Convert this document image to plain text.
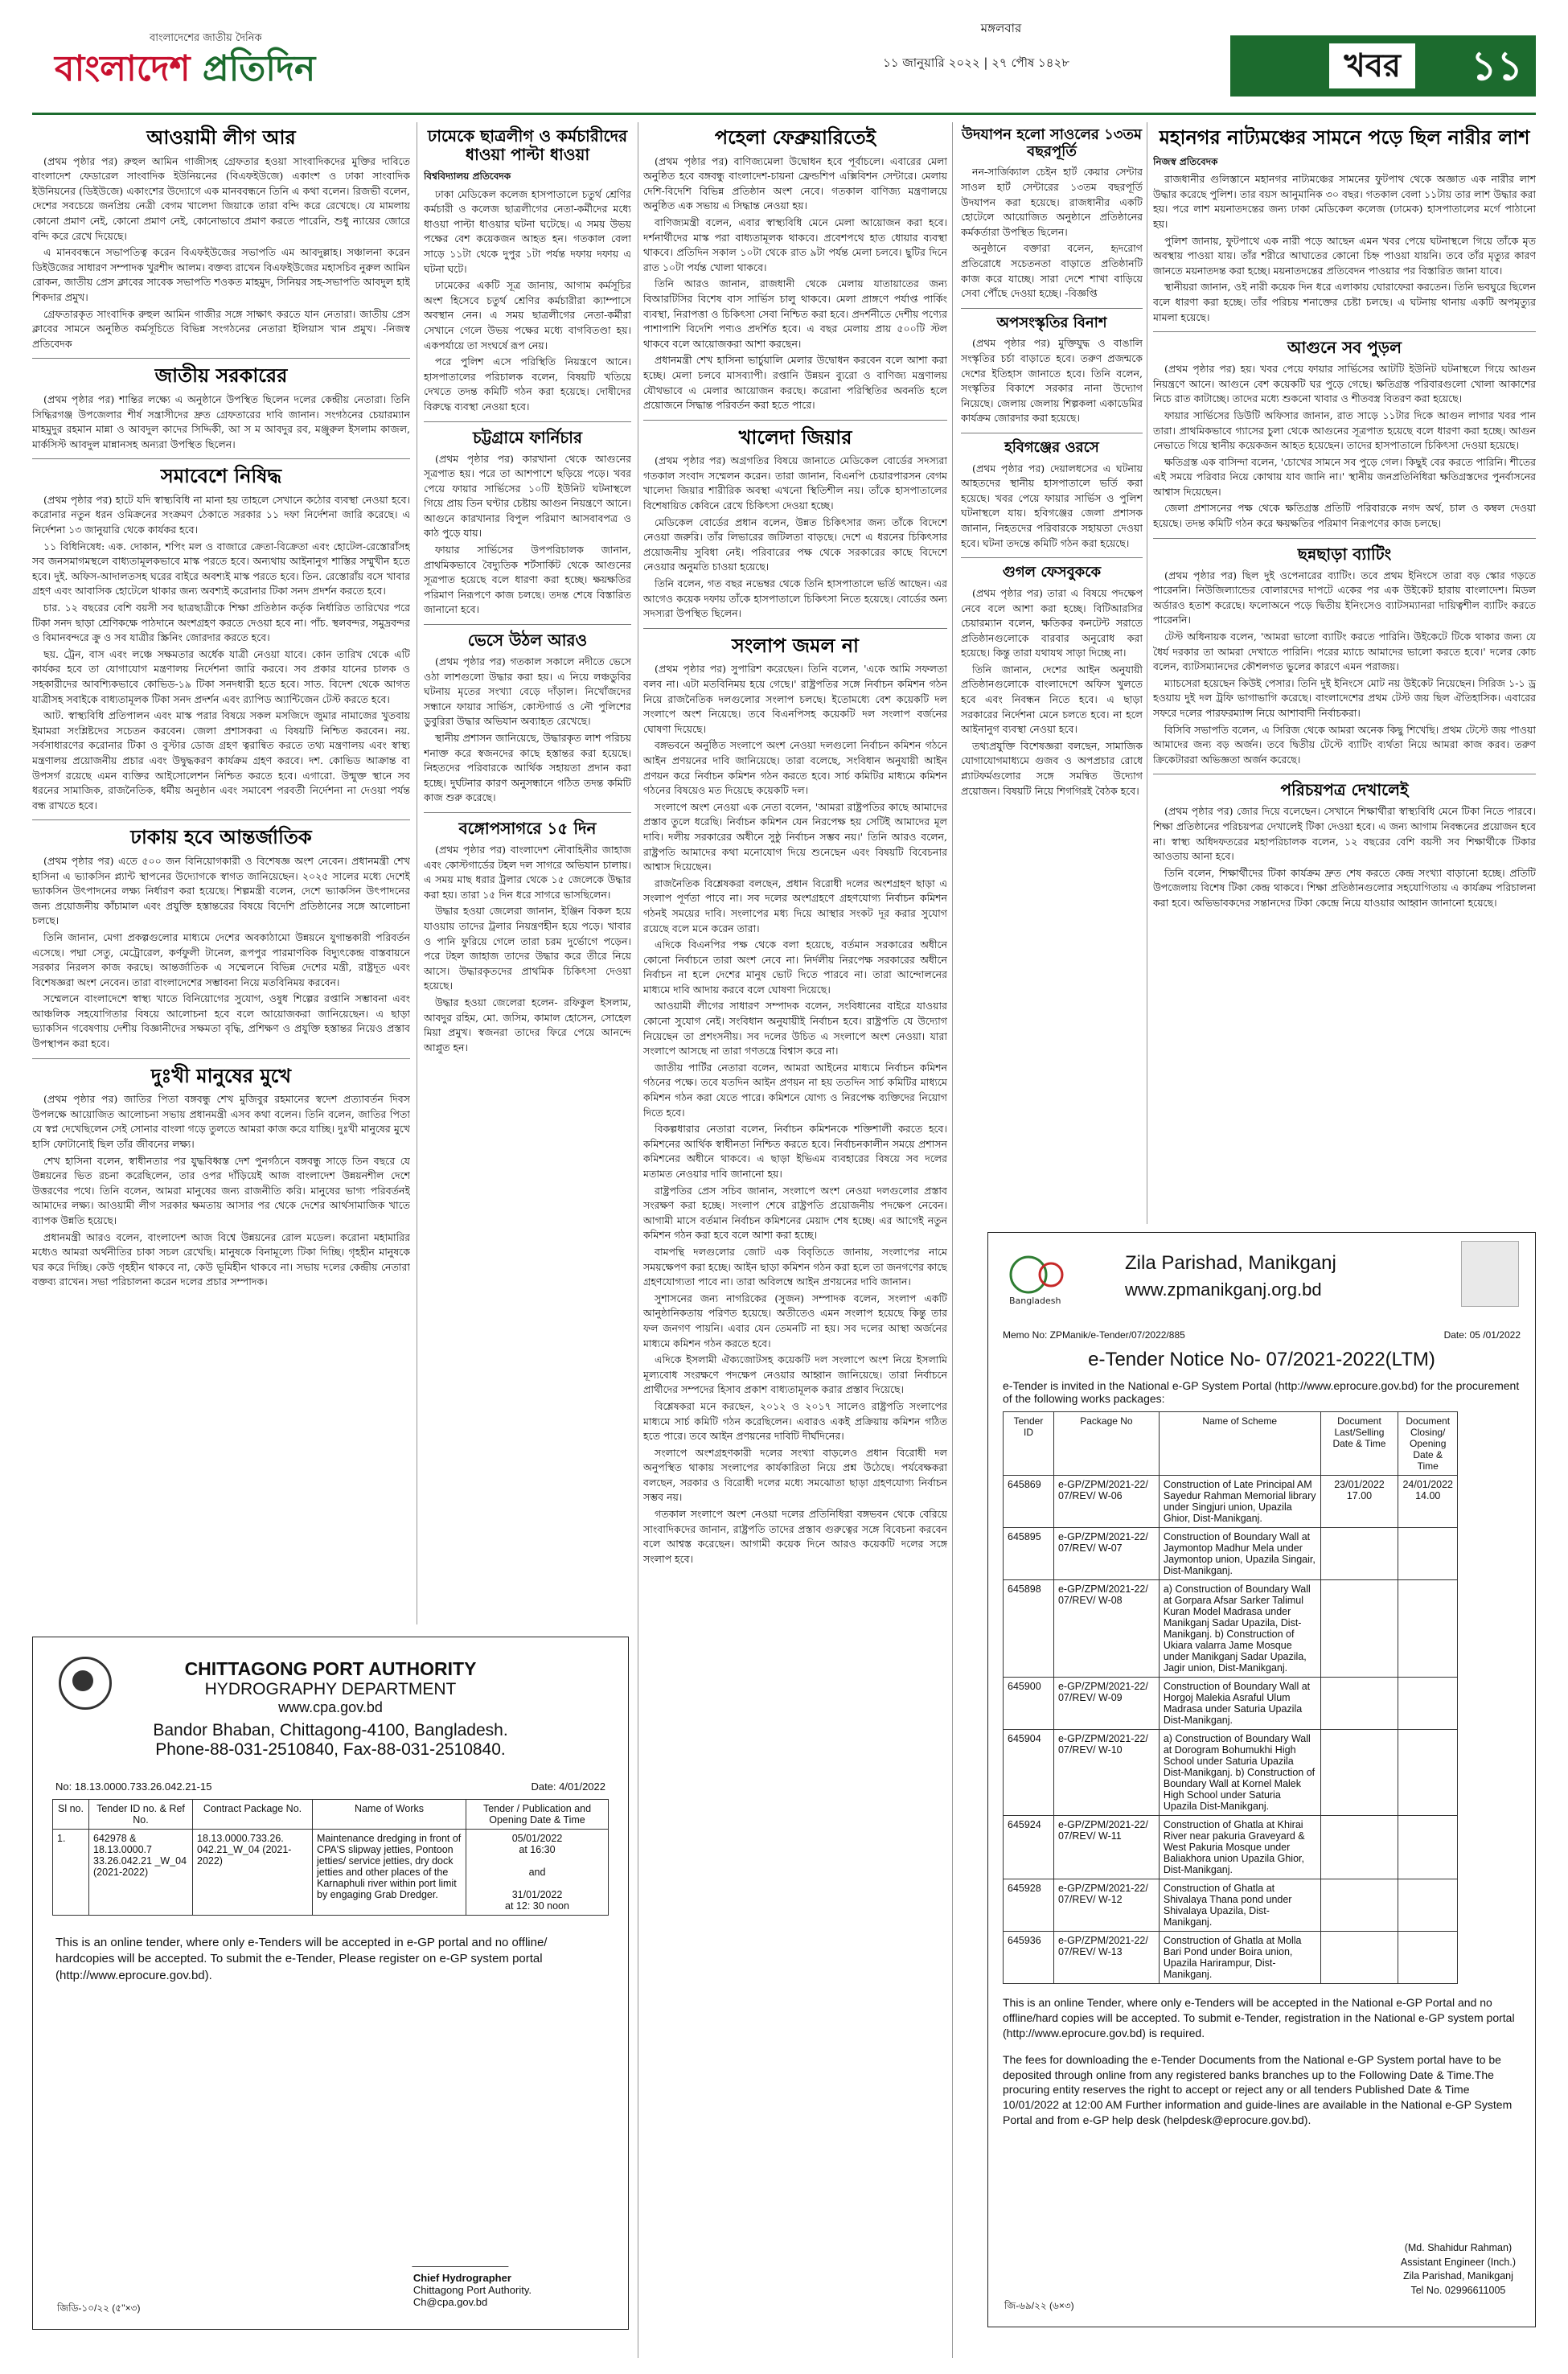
বাংলাদেশের জাতীয় দৈনিক
বাংলাদেশ প্রতিদিন
মঙ্গলবার
১১ জানুয়ারি ২০২২ | ২৭ পৌষ ১৪২৮	খবর	১১
আওয়ামী লীগ আর

(প্রথম পৃষ্ঠার পর) রুহুল আমিন গাজীসহ গ্রেফতার হওয়া সাংবাদিকদের মুক্তির দাবিতে বাংলাদেশ ফেডারেল সাংবাদিক ইউনিয়নের (বিএফইউজে) একাংশ ও ঢাকা সাংবাদিক ইউনিয়নের (ডিইউজে) একাংশের উদ্যোগে এক মানববন্ধনে তিনি এ কথা বলেন। রিজভী বলেন, দেশের সবচেয়ে জনপ্রিয় নেত্রী বেগম খালেদা জিয়াকে তারা বন্দি করে রেখেছে। যে মামলায় কোনো প্রমাণ নেই, কোনো প্রমাণ নেই, কোনোভাবে প্রমাণ করতে পারেনি, শুধু ন্যায়ের জোরে বন্দি করে রেখে দিয়েছে।

এ মানববন্ধনে সভাপতিত্ব করেন বিএফইউজের সভাপতি এম আবদুল্লাহ। সঞ্চালনা করেন ডিইউজের সাধারণ সম্পাদক খুরশীদ আলম। বক্তব্য রাখেন বিএফইউজের মহাসচিব নুরুল আমিন রোকন, জাতীয় প্রেস ক্লাবের সাবেক সভাপতি শওকত মাহমুদ, সিনিয়র সহ-সভাপতি আবদুল হাই শিকদার প্রমুখ।

গ্রেফতারকৃত সাংবাদিক রুহুল আমিন গাজীর সঙ্গে সাক্ষাৎ করতে যান নেতারা। জাতীয় প্রেস ক্লাবের সামনে অনুষ্ঠিত কর্মসূচিতে বিভিন্ন সংগঠনের নেতারা ইলিয়াস খান প্রমুখ। -নিজস্ব প্রতিবেদক

জাতীয় সরকারের

(প্রথম পৃষ্ঠার পর) শান্তির লক্ষ্যে এ অনুষ্ঠানে উপস্থিত ছিলেন দলের কেন্দ্রীয় নেতারা। তিনি সিদ্ধিরগঞ্জ উপজেলার শীর্ষ সন্ত্রাসীদের দ্রুত গ্রেফতারের দাবি জানান। সংগঠনের চেয়ারম্যান মাহমুদুর রহমান মান্না ও আবদুল কাদের সিদ্দিকী, আ স ম আবদুর রব, মঞ্জুরুল ইসলাম কাজল, মার্কসিস্ট আবদুল মান্নানসহ অন্যরা উপস্থিত ছিলেন।

সমাবেশে নিষিদ্ধ

(প্রথম পৃষ্ঠার পর) হাটে যদি স্বাস্থ্যবিধি না মানা হয় তাহলে সেখানে কঠোর ব্যবস্থা নেওয়া হবে। করোনার নতুন ধরন ওমিক্রনের সংক্রমণ ঠেকাতে সরকার ১১ দফা নির্দেশনা জারি করেছে। এ নির্দেশনা ১৩ জানুয়ারি থেকে কার্যকর হবে।

১১ বিধিনিষেধ: এক. দোকান, শপিং মল ও বাজারে ক্রেতা-বিক্রেতা এবং হোটেল-রেস্তোরাঁসহ সব জনসমাগমস্থলে বাধ্যতামূলকভাবে মাস্ক পরতে হবে। অন্যথায় আইনানুগ শাস্তির সম্মুখীন হতে হবে। দুই. অফিস-আদালতসহ ঘরের বাইরে অবশ্যই মাস্ক পরতে হবে। তিন. রেস্তোরাঁয় বসে খাবার গ্রহণ এবং আবাসিক হোটেলে থাকার জন্য অবশ্যই করোনার টিকা সনদ প্রদর্শন করতে হবে।

চার. ১২ বছরের বেশি বয়সী সব ছাত্রছাত্রীকে শিক্ষা প্রতিষ্ঠান কর্তৃক নির্ধারিত তারিখের পরে টিকা সনদ ছাড়া শ্রেণিকক্ষে পাঠদানে অংশগ্রহণ করতে দেওয়া হবে না। পাঁচ. স্থলবন্দর, সমুদ্রবন্দর ও বিমানবন্দরে ক্রু ও সব যাত্রীর স্ক্রিনিং জোরদার করতে হবে।

ছয়. ট্রেন, বাস এবং লঞ্চে সক্ষমতার অর্ধেক যাত্রী নেওয়া যাবে। কোন তারিখ থেকে এটি কার্যকর হবে তা যোগাযোগ মন্ত্রণালয় নির্দেশনা জারি করবে। সব প্রকার যানের চালক ও সহকারীদের আবশ্যিকভাবে কোভিড-১৯ টিকা সনদধারী হতে হবে। সাত. বিদেশ থেকে আগত যাত্রীসহ সবাইকে বাধ্যতামূলক টিকা সনদ প্রদর্শন এবং র‌্যাপিড অ্যান্টিজেন টেস্ট করতে হবে।

আট. স্বাস্থ্যবিধি প্রতিপালন এবং মাস্ক পরার বিষয়ে সকল মসজিদে জুমার নামাজের খুতবায় ইমামরা সংশ্লিষ্টদের সচেতন করবেন। জেলা প্রশাসকরা এ বিষয়টি নিশ্চিত করবেন। নয়. সর্বসাধারণের করোনার টিকা ও বুস্টার ডোজ গ্রহণ ত্বরান্বিত করতে তথ্য মন্ত্রণালয় এবং স্বাস্থ্য মন্ত্রণালয় প্রয়োজনীয় প্রচার এবং উদ্বুদ্ধকরণ কার্যক্রম গ্রহণ করবে। দশ. কোভিড আক্রান্ত বা উপসর্গ রয়েছে এমন ব্যক্তির আইসোলেশন নিশ্চিত করতে হবে। এগারো. উন্মুক্ত স্থানে সব ধরনের সামাজিক, রাজনৈতিক, ধর্মীয় অনুষ্ঠান এবং সমাবেশ পরবর্তী নির্দেশনা না দেওয়া পর্যন্ত বন্ধ রাখতে হবে।

ঢাকায় হবে আন্তর্জাতিক

(প্রথম পৃষ্ঠার পর) এতে ৫০০ জন বিনিয়োগকারী ও বিশেষজ্ঞ অংশ নেবেন। প্রধানমন্ত্রী শেখ হাসিনা এ ভ্যাকসিন প্ল্যান্ট স্থাপনের উদ্যোগকে স্বাগত জানিয়েছেন। ২০২৫ সালের মধ্যে দেশেই ভ্যাকসিন উৎপাদনের লক্ষ্য নির্ধারণ করা হয়েছে। শিল্পমন্ত্রী বলেন, দেশে ভ্যাকসিন উৎপাদনের জন্য প্রয়োজনীয় কাঁচামাল এবং প্রযুক্তি হস্তান্তরের বিষয়ে বিদেশি প্রতিষ্ঠানের সঙ্গে আলোচনা চলছে।

তিনি জানান, মেগা প্রকল্পগুলোর মাধ্যমে দেশের অবকাঠামো উন্নয়নে যুগান্তকারী পরিবর্তন এসেছে। পদ্মা সেতু, মেট্রোরেল, কর্ণফুলী টানেল, রূপপুর পারমাণবিক বিদ্যুৎকেন্দ্র বাস্তবায়নে সরকার নিরলস কাজ করছে। আন্তর্জাতিক এ সম্মেলনে বিভিন্ন দেশের মন্ত্রী, রাষ্ট্রদূত এবং বিশেষজ্ঞরা অংশ নেবেন। তারা বাংলাদেশের সম্ভাবনা নিয়ে মতবিনিময় করবেন।

সম্মেলনে বাংলাদেশে স্বাস্থ্য খাতে বিনিয়োগের সুযোগ, ওষুধ শিল্পের রপ্তানি সম্ভাবনা এবং আঞ্চলিক সহযোগিতার বিষয়ে আলোচনা হবে বলে আয়োজকরা জানিয়েছেন। এ ছাড়া ভ্যাকসিন গবেষণায় দেশীয় বিজ্ঞানীদের সক্ষমতা বৃদ্ধি, প্রশিক্ষণ ও প্রযুক্তি হস্তান্তর নিয়েও প্রস্তাব উপস্থাপন করা হবে।

দুঃখী মানুষের মুখে

(প্রথম পৃষ্ঠার পর) জাতির পিতা বঙ্গবন্ধু শেখ মুজিবুর রহমানের স্বদেশ প্রত্যাবর্তন দিবস উপলক্ষে আয়োজিত আলোচনা সভায় প্রধানমন্ত্রী এসব কথা বলেন। তিনি বলেন, জাতির পিতা যে স্বপ্ন দেখেছিলেন সেই সোনার বাংলা গড়ে তুলতে আমরা কাজ করে যাচ্ছি। দুঃখী মানুষের মুখে হাসি ফোটানোই ছিল তাঁর জীবনের লক্ষ্য।

শেখ হাসিনা বলেন, স্বাধীনতার পর যুদ্ধবিধ্বস্ত দেশ পুনর্গঠনে বঙ্গবন্ধু সাড়ে তিন বছরে যে উন্নয়নের ভিত রচনা করেছিলেন, তার ওপর দাঁড়িয়েই আজ বাংলাদেশ উন্নয়নশীল দেশে উত্তরণের পথে। তিনি বলেন, আমরা মানুষের জন্য রাজনীতি করি। মানুষের ভাগ্য পরিবর্তনই আমাদের লক্ষ্য। আওয়ামী লীগ সরকার ক্ষমতায় আসার পর থেকে দেশের আর্থসামাজিক খাতে ব্যাপক উন্নতি হয়েছে।

প্রধানমন্ত্রী আরও বলেন, বাংলাদেশ আজ বিশ্বে উন্নয়নের রোল মডেল। করোনা মহামারির মধ্যেও আমরা অর্থনীতির চাকা সচল রেখেছি। মানুষকে বিনামূল্যে টিকা দিচ্ছি। গৃহহীন মানুষকে ঘর করে দিচ্ছি। কেউ গৃহহীন থাকবে না, কেউ ভূমিহীন থাকবে না। সভায় দলের কেন্দ্রীয় নেতারা বক্তব্য রাখেন। সভা পরিচালনা করেন দলের প্রচার সম্পাদক।

ঢামেকে ছাত্রলীগ ও কর্মচারীদের ধাওয়া পাল্টা ধাওয়া
বিশ্ববিদ্যালয় প্রতিবেদক

ঢাকা মেডিকেল কলেজ হাসপাতালে চতুর্থ শ্রেণির কর্মচারী ও কলেজ ছাত্রলীগের নেতা-কর্মীদের মধ্যে ধাওয়া পাল্টা ধাওয়ার ঘটনা ঘটেছে। এ সময় উভয় পক্ষের বেশ কয়েকজন আহত হন। গতকাল বেলা সাড়ে ১১টা থেকে দুপুর ১টা পর্যন্ত দফায় দফায় এ ঘটনা ঘটে।

ঢামেকের একটি সূত্র জানায়, আগাম কর্মসূচির অংশ হিসেবে চতুর্থ শ্রেণির কর্মচারীরা ক্যাম্পাসে অবস্থান নেন। এ সময় ছাত্রলীগের নেতা-কর্মীরা সেখানে গেলে উভয় পক্ষের মধ্যে বাগবিতণ্ডা হয়। একপর্যায়ে তা সংঘর্ষে রূপ নেয়।

পরে পুলিশ এসে পরিস্থিতি নিয়ন্ত্রণে আনে। হাসপাতালের পরিচালক বলেন, বিষয়টি খতিয়ে দেখতে তদন্ত কমিটি গঠন করা হয়েছে। দোষীদের বিরুদ্ধে ব্যবস্থা নেওয়া হবে।

চট্টগ্রামে ফার্নিচার

(প্রথম পৃষ্ঠার পর) কারখানা থেকে আগুনের সূত্রপাত হয়। পরে তা আশপাশে ছড়িয়ে পড়ে। খবর পেয়ে ফায়ার সার্ভিসের ১০টি ইউনিট ঘটনাস্থলে গিয়ে প্রায় তিন ঘণ্টার চেষ্টায় আগুন নিয়ন্ত্রণে আনে। আগুনে কারখানার বিপুল পরিমাণ আসবাবপত্র ও কাঠ পুড়ে যায়।

ফায়ার সার্ভিসের উপপরিচালক জানান, প্রাথমিকভাবে বৈদ্যুতিক শর্টসার্কিট থেকে আগুনের সূত্রপাত হয়েছে বলে ধারণা করা হচ্ছে। ক্ষয়ক্ষতির পরিমাণ নিরূপণে কাজ চলছে। তদন্ত শেষে বিস্তারিত জানানো হবে।

ভেসে উঠল আরও

(প্রথম পৃষ্ঠার পর) গতকাল সকালে নদীতে ভেসে ওঠা লাশগুলো উদ্ধার করা হয়। এ নিয়ে লঞ্চডুবির ঘটনায় মৃতের সংখ্যা বেড়ে দাঁড়াল। নিখোঁজদের সন্ধানে ফায়ার সার্ভিস, কোস্টগার্ড ও নৌ পুলিশের ডুবুরিরা উদ্ধার অভিযান অব্যাহত রেখেছে।

স্থানীয় প্রশাসন জানিয়েছে, উদ্ধারকৃত লাশ পরিচয় শনাক্ত করে স্বজনদের কাছে হস্তান্তর করা হয়েছে। নিহতদের পরিবারকে আর্থিক সহায়তা প্রদান করা হচ্ছে। দুর্ঘটনার কারণ অনুসন্ধানে গঠিত তদন্ত কমিটি কাজ শুরু করেছে।

বঙ্গোপসাগরে ১৫ দিন

(প্রথম পৃষ্ঠার পর) বাংলাদেশ নৌবাহিনীর জাহাজ এবং কোস্টগার্ডের টহল দল সাগরে অভিযান চালায়। এ সময় মাছ ধরার ট্রলার থেকে ১৫ জেলেকে উদ্ধার করা হয়। তারা ১৫ দিন ধরে সাগরে ভাসছিলেন।

উদ্ধার হওয়া জেলেরা জানান, ইঞ্জিন বিকল হয়ে যাওয়ায় তাদের ট্রলার নিয়ন্ত্রণহীন হয়ে পড়ে। খাবার ও পানি ফুরিয়ে গেলে তারা চরম দুর্ভোগে পড়েন। পরে টহল জাহাজ তাদের উদ্ধার করে তীরে নিয়ে আসে। উদ্ধারকৃতদের প্রাথমিক চিকিৎসা দেওয়া হয়েছে।

উদ্ধার হওয়া জেলেরা হলেন- রফিকুল ইসলাম, আবদুর রহিম, মো. জসিম, কামাল হোসেন, সোহেল মিয়া প্রমুখ। স্বজনরা তাদের ফিরে পেয়ে আনন্দে আপ্লুত হন।

পহেলা ফেব্রুয়ারিতেই

(প্রথম পৃষ্ঠার পর) বাণিজ্যমেলা উদ্বোধন হবে পূর্বাচলে। এবারের মেলা অনুষ্ঠিত হবে বঙ্গবন্ধু বাংলাদেশ-চায়না ফ্রেন্ডশিপ এক্সিবিশন সেন্টারে। মেলায় দেশি-বিদেশি বিভিন্ন প্রতিষ্ঠান অংশ নেবে। গতকাল বাণিজ্য মন্ত্রণালয়ে অনুষ্ঠিত এক সভায় এ সিদ্ধান্ত নেওয়া হয়।

বাণিজ্যমন্ত্রী বলেন, এবার স্বাস্থ্যবিধি মেনে মেলা আয়োজন করা হবে। দর্শনার্থীদের মাস্ক পরা বাধ্যতামূলক থাকবে। প্রবেশপথে হাত ধোয়ার ব্যবস্থা থাকবে। প্রতিদিন সকাল ১০টা থেকে রাত ৯টা পর্যন্ত মেলা চলবে। ছুটির দিনে রাত ১০টা পর্যন্ত খোলা থাকবে।

তিনি আরও জানান, রাজধানী থেকে মেলায় যাতায়াতের জন্য বিআরটিসির বিশেষ বাস সার্ভিস চালু থাকবে। মেলা প্রাঙ্গণে পর্যাপ্ত পার্কিং ব্যবস্থা, নিরাপত্তা ও চিকিৎসা সেবা নিশ্চিত করা হবে। প্রদর্শনীতে দেশীয় পণ্যের পাশাপাশি বিদেশি পণ্যও প্রদর্শিত হবে। এ বছর মেলায় প্রায় ৫০০টি স্টল থাকবে বলে আয়োজকরা আশা করছেন।

প্রধানমন্ত্রী শেখ হাসিনা ভার্চুয়ালি মেলার উদ্বোধন করবেন বলে আশা করা হচ্ছে। মেলা চলবে মাসব্যাপী। রপ্তানি উন্নয়ন ব্যুরো ও বাণিজ্য মন্ত্রণালয় যৌথভাবে এ মেলার আয়োজন করছে। করোনা পরিস্থিতির অবনতি হলে প্রয়োজনে সিদ্ধান্ত পরিবর্তন করা হতে পারে।

খালেদা জিয়ার

(প্রথম পৃষ্ঠার পর) অগ্রগতির বিষয়ে জানাতে মেডিকেল বোর্ডের সদস্যরা গতকাল সংবাদ সম্মেলন করেন। তারা জানান, বিএনপি চেয়ারপারসন বেগম খালেদা জিয়ার শারীরিক অবস্থা এখনো স্থিতিশীল নয়। তাঁকে হাসপাতালের বিশেষায়িত কেবিনে রেখে চিকিৎসা দেওয়া হচ্ছে।

মেডিকেল বোর্ডের প্রধান বলেন, উন্নত চিকিৎসার জন্য তাঁকে বিদেশে নেওয়া জরুরি। তাঁর লিভারের জটিলতা বাড়ছে। দেশে এ ধরনের চিকিৎসার প্রয়োজনীয় সুবিধা নেই। পরিবারের পক্ষ থেকে সরকারের কাছে বিদেশে নেওয়ার অনুমতি চাওয়া হয়েছে।

তিনি বলেন, গত বছর নভেম্বর থেকে তিনি হাসপাতালে ভর্তি আছেন। এর আগেও কয়েক দফায় তাঁকে হাসপাতালে চিকিৎসা নিতে হয়েছে। বোর্ডের অন্য সদস্যরা উপস্থিত ছিলেন।

সংলাপ জমল না

(প্রথম পৃষ্ঠার পর) সুপারিশ করেছেন। তিনি বলেন, 'একে আমি সফলতা বলব না। এটা মতবিনিময় হয়ে গেছে।' রাষ্ট্রপতির সঙ্গে নির্বাচন কমিশন গঠন নিয়ে রাজনৈতিক দলগুলোর সংলাপ চলছে। ইতোমধ্যে বেশ কয়েকটি দল সংলাপে অংশ নিয়েছে। তবে বিএনপিসহ কয়েকটি দল সংলাপ বর্জনের ঘোষণা দিয়েছে।

বঙ্গভবনে অনুষ্ঠিত সংলাপে অংশ নেওয়া দলগুলো নির্বাচন কমিশন গঠনে আইন প্রণয়নের দাবি জানিয়েছে। তারা বলেছে, সংবিধান অনুযায়ী আইন প্রণয়ন করে নির্বাচন কমিশন গঠন করতে হবে। সার্চ কমিটির মাধ্যমে কমিশন গঠনের বিষয়েও মত দিয়েছে কয়েকটি দল।

সংলাপে অংশ নেওয়া এক নেতা বলেন, 'আমরা রাষ্ট্রপতির কাছে আমাদের প্রস্তাব তুলে ধরেছি। নির্বাচন কমিশন যেন নিরপেক্ষ হয় সেটিই আমাদের মূল দাবি। দলীয় সরকারের অধীনে সুষ্ঠু নির্বাচন সম্ভব নয়।' তিনি আরও বলেন, রাষ্ট্রপতি আমাদের কথা মনোযোগ দিয়ে শুনেছেন এবং বিষয়টি বিবেচনার আশ্বাস দিয়েছেন।

রাজনৈতিক বিশ্লেষকরা বলছেন, প্রধান বিরোধী দলের অংশগ্রহণ ছাড়া এ সংলাপ পূর্ণতা পাবে না। সব দলের অংশগ্রহণে গ্রহণযোগ্য নির্বাচন কমিশন গঠনই সময়ের দাবি। সংলাপের মধ্য দিয়ে আস্থার সংকট দূর করার সুযোগ রয়েছে বলে মনে করেন তারা।

এদিকে বিএনপির পক্ষ থেকে বলা হয়েছে, বর্তমান সরকারের অধীনে কোনো নির্বাচনে তারা অংশ নেবে না। নির্দলীয় নিরপেক্ষ সরকারের অধীনে নির্বাচন না হলে দেশের মানুষ ভোট দিতে পারবে না। তারা আন্দোলনের মাধ্যমে দাবি আদায় করবে বলে ঘোষণা দিয়েছে।

আওয়ামী লীগের সাধারণ সম্পাদক বলেন, সংবিধানের বাইরে যাওয়ার কোনো সুযোগ নেই। সংবিধান অনুযায়ীই নির্বাচন হবে। রাষ্ট্রপতি যে উদ্যোগ নিয়েছেন তা প্রশংসনীয়। সব দলের উচিত এ সংলাপে অংশ নেওয়া। যারা সংলাপে আসছে না তারা গণতন্ত্রে বিশ্বাস করে না।

জাতীয় পার্টির নেতারা বলেন, আমরা আইনের মাধ্যমে নির্বাচন কমিশন গঠনের পক্ষে। তবে যতদিন আইন প্রণয়ন না হয় ততদিন সার্চ কমিটির মাধ্যমে কমিশন গঠন করা যেতে পারে। কমিশনে যোগ্য ও নিরপেক্ষ ব্যক্তিদের নিয়োগ দিতে হবে।

বিকল্পধারার নেতারা বলেন, নির্বাচন কমিশনকে শক্তিশালী করতে হবে। কমিশনের আর্থিক স্বাধীনতা নিশ্চিত করতে হবে। নির্বাচনকালীন সময়ে প্রশাসন কমিশনের অধীনে থাকবে। এ ছাড়া ইভিএম ব্যবহারের বিষয়ে সব দলের মতামত নেওয়ার দাবি জানানো হয়।

রাষ্ট্রপতির প্রেস সচিব জানান, সংলাপে অংশ নেওয়া দলগুলোর প্রস্তাব সংরক্ষণ করা হচ্ছে। সংলাপ শেষে রাষ্ট্রপতি প্রয়োজনীয় পদক্ষেপ নেবেন। আগামী মাসে বর্তমান নির্বাচন কমিশনের মেয়াদ শেষ হচ্ছে। এর আগেই নতুন কমিশন গঠন করা হবে বলে আশা করা হচ্ছে।

বামপন্থি দলগুলোর জোট এক বিবৃতিতে জানায়, সংলাপের নামে সময়ক্ষেপণ করা হচ্ছে। আইন ছাড়া কমিশন গঠন করা হলে তা জনগণের কাছে গ্রহণযোগ্যতা পাবে না। তারা অবিলম্বে আইন প্রণয়নের দাবি জানান।

সুশাসনের জন্য নাগরিকের (সুজন) সম্পাদক বলেন, সংলাপ একটি আনুষ্ঠানিকতায় পরিণত হয়েছে। অতীতেও এমন সংলাপ হয়েছে কিন্তু তার ফল জনগণ পায়নি। এবার যেন তেমনটি না হয়। সব দলের আস্থা অর্জনের মাধ্যমে কমিশন গঠন করতে হবে।

এদিকে ইসলামী ঐক্যজোটসহ কয়েকটি দল সংলাপে অংশ নিয়ে ইসলামি মূল্যবোধ সংরক্ষণে পদক্ষেপ নেওয়ার আহ্বান জানিয়েছে। তারা নির্বাচনে প্রার্থীদের সম্পদের হিসাব প্রকাশ বাধ্যতামূলক করার প্রস্তাব দিয়েছে।

বিশ্লেষকরা মনে করছেন, ২০১২ ও ২০১৭ সালেও রাষ্ট্রপতি সংলাপের মাধ্যমে সার্চ কমিটি গঠন করেছিলেন। এবারও একই প্রক্রিয়ায় কমিশন গঠিত হতে পারে। তবে আইন প্রণয়নের দাবিটি দীর্ঘদিনের।

সংলাপে অংশগ্রহণকারী দলের সংখ্যা বাড়লেও প্রধান বিরোধী দল অনুপস্থিত থাকায় সংলাপের কার্যকারিতা নিয়ে প্রশ্ন উঠেছে। পর্যবেক্ষকরা বলছেন, সরকার ও বিরোধী দলের মধ্যে সমঝোতা ছাড়া গ্রহণযোগ্য নির্বাচন সম্ভব নয়।

গতকাল সংলাপে অংশ নেওয়া দলের প্রতিনিধিরা বঙ্গভবন থেকে বেরিয়ে সাংবাদিকদের জানান, রাষ্ট্রপতি তাদের প্রস্তাব গুরুত্বের সঙ্গে বিবেচনা করবেন বলে আশ্বস্ত করেছেন। আগামী কয়েক দিনে আরও কয়েকটি দলের সঙ্গে সংলাপ হবে।

উদযাপন হলো সাওলের ১৩তম বছরপূর্তি

নন-সার্জিক্যাল চেইন হার্ট কেয়ার সেন্টার সাওল হার্ট সেন্টারের ১৩তম বছরপূর্তি উদযাপন করা হয়েছে। রাজধানীর একটি হোটেলে আয়োজিত অনুষ্ঠানে প্রতিষ্ঠানের কর্মকর্তারা উপস্থিত ছিলেন।

অনুষ্ঠানে বক্তারা বলেন, হৃদরোগ প্রতিরোধে সচেতনতা বাড়াতে প্রতিষ্ঠানটি কাজ করে যাচ্ছে। সারা দেশে শাখা বাড়িয়ে সেবা পৌঁছে দেওয়া হচ্ছে। -বিজ্ঞপ্তি

অপসংস্কৃতির বিনাশ

(প্রথম পৃষ্ঠার পর) মুক্তিযুদ্ধ ও বাঙালি সংস্কৃতির চর্চা বাড়াতে হবে। তরুণ প্রজন্মকে দেশের ইতিহাস জানাতে হবে। তিনি বলেন, সংস্কৃতির বিকাশে সরকার নানা উদ্যোগ নিয়েছে। জেলায় জেলায় শিল্পকলা একাডেমির কার্যক্রম জোরদার করা হয়েছে।

হবিগঞ্জের ওরসে

(প্রথম পৃষ্ঠার পর) দেয়ালধসের এ ঘটনায় আহতদের স্থানীয় হাসপাতালে ভর্তি করা হয়েছে। খবর পেয়ে ফায়ার সার্ভিস ও পুলিশ ঘটনাস্থলে যায়। হবিগঞ্জের জেলা প্রশাসক জানান, নিহতদের পরিবারকে সহায়তা দেওয়া হবে। ঘটনা তদন্তে কমিটি গঠন করা হয়েছে।

গুগল ফেসবুককে

(প্রথম পৃষ্ঠার পর) তারা এ বিষয়ে পদক্ষেপ নেবে বলে আশা করা হচ্ছে। বিটিআরসির চেয়ারম্যান বলেন, ক্ষতিকর কনটেন্ট সরাতে প্রতিষ্ঠানগুলোকে বারবার অনুরোধ করা হয়েছে। কিন্তু তারা যথাযথ সাড়া দিচ্ছে না।

তিনি জানান, দেশের আইন অনুযায়ী প্রতিষ্ঠানগুলোকে বাংলাদেশে অফিস খুলতে হবে এবং নিবন্ধন নিতে হবে। এ ছাড়া সরকারের নির্দেশনা মেনে চলতে হবে। না হলে আইনানুগ ব্যবস্থা নেওয়া হবে।

তথ্যপ্রযুক্তি বিশেষজ্ঞরা বলছেন, সামাজিক যোগাযোগমাধ্যমে গুজব ও অপপ্রচার রোধে প্ল্যাটফর্মগুলোর সঙ্গে সমন্বিত উদ্যোগ প্রয়োজন। বিষয়টি নিয়ে শিগগিরই বৈঠক হবে।

মহানগর নাট্যমঞ্চের সামনে পড়ে ছিল নারীর লাশ
নিজস্ব প্রতিবেদক

রাজধানীর গুলিস্তানে মহানগর নাট্যমঞ্চের সামনের ফুটপাথ থেকে অজ্ঞাত এক নারীর লাশ উদ্ধার করেছে পুলিশ। তার বয়স আনুমানিক ৩০ বছর। গতকাল বেলা ১১টায় তার লাশ উদ্ধার করা হয়। পরে লাশ ময়নাতদন্তের জন্য ঢাকা মেডিকেল কলেজ (ঢামেক) হাসপাতালের মর্গে পাঠানো হয়।

পুলিশ জানায়, ফুটপাথে এক নারী পড়ে আছেন এমন খবর পেয়ে ঘটনাস্থলে গিয়ে তাঁকে মৃত অবস্থায় পাওয়া যায়। তাঁর শরীরে আঘাতের কোনো চিহ্ন পাওয়া যায়নি। তবে তাঁর মৃত্যুর কারণ জানতে ময়নাতদন্ত করা হচ্ছে। ময়নাতদন্তের প্রতিবেদন পাওয়ার পর বিস্তারিত জানা যাবে।

স্থানীয়রা জানান, ওই নারী কয়েক দিন ধরে এলাকায় ঘোরাফেরা করতেন। তিনি ভবঘুরে ছিলেন বলে ধারণা করা হচ্ছে। তাঁর পরিচয় শনাক্তের চেষ্টা চলছে। এ ঘটনায় থানায় একটি অপমৃত্যুর মামলা হয়েছে।

আগুনে সব পুড়ল

(প্রথম পৃষ্ঠার পর) হয়। খবর পেয়ে ফায়ার সার্ভিসের আটটি ইউনিট ঘটনাস্থলে গিয়ে আগুন নিয়ন্ত্রণে আনে। আগুনে বেশ কয়েকটি ঘর পুড়ে গেছে। ক্ষতিগ্রস্ত পরিবারগুলো খোলা আকাশের নিচে রাত কাটাচ্ছে। তাদের মধ্যে শুকনো খাবার ও শীতবস্ত্র বিতরণ করা হয়েছে।

ফায়ার সার্ভিসের ডিউটি অফিসার জানান, রাত সাড়ে ১১টার দিকে আগুন লাগার খবর পান তারা। প্রাথমিকভাবে গ্যাসের চুলা থেকে আগুনের সূত্রপাত হয়েছে বলে ধারণা করা হচ্ছে। আগুন নেভাতে গিয়ে স্থানীয় কয়েকজন আহত হয়েছেন। তাদের হাসপাতালে চিকিৎসা দেওয়া হয়েছে।

ক্ষতিগ্রস্ত এক বাসিন্দা বলেন, 'চোখের সামনে সব পুড়ে গেল। কিছুই বের করতে পারিনি। শীতের এই সময়ে পরিবার নিয়ে কোথায় যাব জানি না।' স্থানীয় জনপ্রতিনিধিরা ক্ষতিগ্রস্তদের পুনর্বাসনের আশ্বাস দিয়েছেন।

জেলা প্রশাসনের পক্ষ থেকে ক্ষতিগ্রস্ত প্রতিটি পরিবারকে নগদ অর্থ, চাল ও কম্বল দেওয়া হয়েছে। তদন্ত কমিটি গঠন করে ক্ষয়ক্ষতির পরিমাণ নিরূপণের কাজ চলছে।

ছন্নছাড়া ব্যাটিং

(প্রথম পৃষ্ঠার পর) ছিল দুই ওপেনারের ব্যাটিং। তবে প্রথম ইনিংসে তারা বড় স্কোর গড়তে পারেননি। নিউজিল্যান্ডের বোলারদের দাপটে একের পর এক উইকেট হারায় বাংলাদেশ। মিডল অর্ডারও হতাশ করেছে। ফলোঅনে পড়ে দ্বিতীয় ইনিংসেও ব্যাটসম্যানরা দায়িত্বশীল ব্যাটিং করতে পারেননি।

টেস্ট অধিনায়ক বলেন, 'আমরা ভালো ব্যাটিং করতে পারিনি। উইকেটে টিকে থাকার জন্য যে ধৈর্য দরকার তা আমরা দেখাতে পারিনি। পরের ম্যাচে আমাদের ভালো করতে হবে।' দলের কোচ বলেন, ব্যাটসম্যানদের কৌশলগত ভুলের কারণে এমন পরাজয়।

ম্যাচসেরা হয়েছেন কিউই পেসার। তিনি দুই ইনিংসে মোট নয় উইকেট নিয়েছেন। সিরিজ ১-১ ড্র হওয়ায় দুই দল ট্রফি ভাগাভাগি করেছে। বাংলাদেশের প্রথম টেস্ট জয় ছিল ঐতিহাসিক। এবারের সফরে দলের পারফরম্যান্স নিয়ে আশাবাদী নির্বাচকরা।

বিসিবি সভাপতি বলেন, এ সিরিজ থেকে আমরা অনেক কিছু শিখেছি। প্রথম টেস্টে জয় পাওয়া আমাদের জন্য বড় অর্জন। তবে দ্বিতীয় টেস্টে ব্যাটিং ব্যর্থতা নিয়ে আমরা কাজ করব। তরুণ ক্রিকেটাররা অভিজ্ঞতা অর্জন করেছে।

পরিচয়পত্র দেখালেই

(প্রথম পৃষ্ঠার পর) জোর দিয়ে বলেছেন। সেখানে শিক্ষার্থীরা স্বাস্থ্যবিধি মেনে টিকা নিতে পারবে। শিক্ষা প্রতিষ্ঠানের পরিচয়পত্র দেখালেই টিকা দেওয়া হবে। এ জন্য আগাম নিবন্ধনের প্রয়োজন হবে না। স্বাস্থ্য অধিদফতরের মহাপরিচালক বলেন, ১২ বছরের বেশি বয়সী সব শিক্ষার্থীকে টিকার আওতায় আনা হবে।

তিনি বলেন, শিক্ষার্থীদের টিকা কার্যক্রম দ্রুত শেষ করতে কেন্দ্র সংখ্যা বাড়ানো হচ্ছে। প্রতিটি উপজেলায় বিশেষ টিকা কেন্দ্র থাকবে। শিক্ষা প্রতিষ্ঠানগুলোর সহযোগিতায় এ কার্যক্রম পরিচালনা করা হবে। অভিভাবকদের সন্তানদের টিকা কেন্দ্রে নিয়ে যাওয়ার আহ্বান জানানো হয়েছে।

CHITTAGONG PORT AUTHORITY
HYDROGRAPHY DEPARTMENT
www.cpa.gov.bd
Bandor Bhaban, Chittagong-4100, Bangladesh.
Phone-88-031-2510840, Fax-88-031-2510840.
No: 18.13.0000.733.26.042.21-15	Date: 4/01/2022
Sl no.	Tender ID no. & Ref No.	Contract Package No.	Name of Works	Tender / Publication and Opening Date & Time
1.	642978 & 18.13.0000.7 33.26.042.21 _W_04 (2021-2022)	18.13.0000.733.26. 042.21_W_04 (2021-2022)	Maintenance dredging in front of CPA'S slipway jetties, Pontoon jetties/ service jetties, dry dock jetties and other places of the Karnaphuli river within port limit by engaging Grab Dredger.	05/01/2022
at 16:30
and
31/01/2022
at 12: 30 noon
This is an online tender, where only e-Tenders will be accepted in e-GP portal and no offline/ hardcopies will be accepted. To submit the e-Tender, Please register on e-GP system portal (http://www.eprocure.gov.bd).
Chief Hydrographer
Chittagong Port Authority.
Ch@cpa.gov.bd
জিডি-১০/২২ (৫''×৩)
Bangladesh
Zila Parishad, Manikganj
www.zpmanikganj.org.bd
Memo No: ZPManik/e-Tender/07/2022/885	Date: 05 /01/2022
e-Tender Notice No- 07/2021-2022(LTM)
e-Tender is invited in the National e-GP System Portal (http://www.eprocure.gov.bd) for the procurement of the following works packages:
Tender ID	Package No	Name of Scheme	Document Last/Selling Date & Time	Document Closing/ Opening Date & Time
645869	e-GP/ZPM/2021-22/ 07/REV/ W-06	Construction of Late Principal AM Sayedur Rahman Memorial library under Singjuri union, Upazila Ghior, Dist-Manikganj.	23/01/2022 17.00	24/01/2022 14.00
645895	e-GP/ZPM/2021-22/ 07/REV/ W-07	Construction of Boundary Wall at Jaymontop Madhur Mela under Jaymontop union, Upazila Singair, Dist-Manikganj.		
645898	e-GP/ZPM/2021-22/ 07/REV/ W-08	a) Construction of Boundary Wall at Gorpara Afsar Sarker Talimul Kuran Model Madrasa under Manikganj Sadar Upazila, Dist-Manikganj. b) Construction of Ukiara valarra Jame Mosque under Manikganj Sadar Upazila, Jagir union, Dist-Manikganj.		
645900	e-GP/ZPM/2021-22/ 07/REV/ W-09	Construction of Boundary Wall at Horgoj Malekia Asraful Ulum Madrasa under Saturia Upazila Dist-Manikganj.		
645904	e-GP/ZPM/2021-22/ 07/REV/ W-10	a) Construction of Boundary Wall at Dorogram Bohumukhi High School under Saturia Upazila Dist-Manikganj. b) Construction of Boundary Wall at Kornel Malek High School under Saturia Upazila Dist-Manikganj.		
645924	e-GP/ZPM/2021-22/ 07/REV/ W-11	Construction of Ghatla at Khirai River near pakuria Graveyard & West Pakuria Mosque under Baliakhora union Upazila Ghior, Dist-Manikganj.		
645928	e-GP/ZPM/2021-22/ 07/REV/ W-12	Construction of Ghatla at Shivalaya Thana pond under Shivalaya Upazila, Dist-Manikganj.		
645936	e-GP/ZPM/2021-22/ 07/REV/ W-13	Construction of Ghatla at Molla Bari Pond under Boira union, Upazila Harirampur, Dist-Manikganj.		
This is an online Tender, where only e-Tenders will be accepted in the National e-GP Portal and no offline/hard copies will be accepted. To submit e-Tender, registration in the National e-GP system portal (http://www.eprocure.gov.bd) is required.
The fees for downloading the e-Tender Documents from the National e-GP System portal have to be deposited through online from any registered banks branches up to the Following Date & Time.The procuring entity reserves the right to accept or reject any or all tenders Published Date & Time 10/01/2022 at 12:00 AM Further information and guide-lines are available in the National e-GP System Portal and from e-GP help desk (helpdesk@eprocure.gov.bd).
(Md. Shahidur Rahman)
Assistant Engineer (Inch.)
Zila Parishad, Manikganj
Tel No. 02996611005
জি-৬৯/২২ (৬×৩)
